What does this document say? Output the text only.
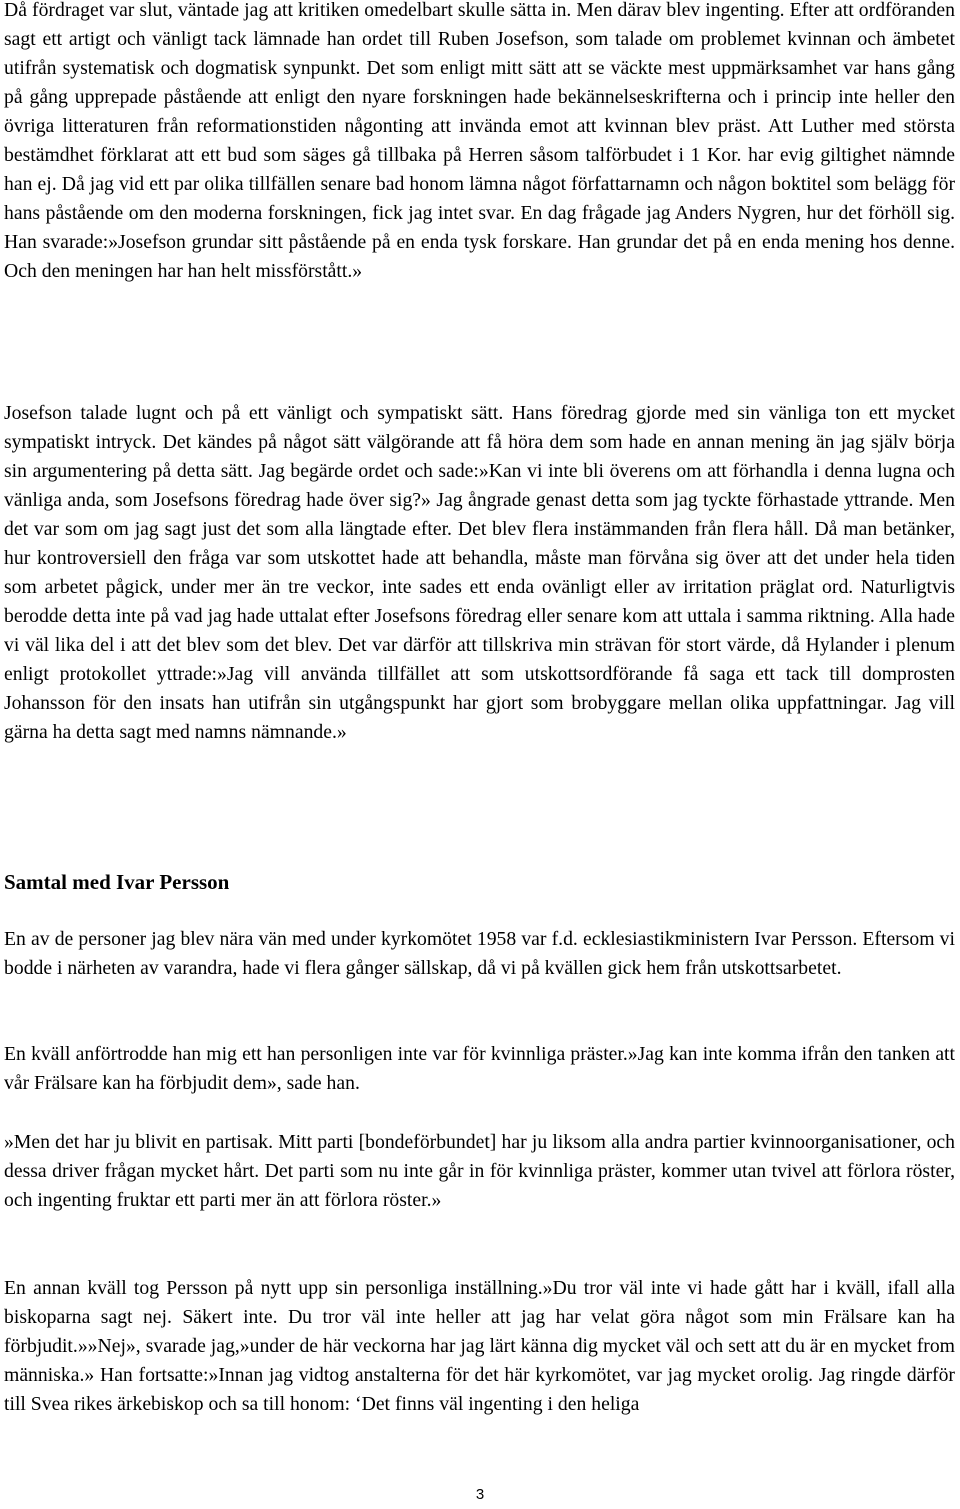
Då fördraget var slut, väntade jag att kritiken omedelbart skulle sätta in. Men därav blev ingenting. Efter att ordföranden sagt ett artigt och vänligt tack lämnade han ordet till Ruben Josefson, som talade om problemet kvinnan och ämbetet utifrån systematisk och dogmatisk synpunkt. Det som enligt mitt sätt att se väckte mest uppmärksamhet var hans gång på gång upprepade påstående att enligt den nyare forskningen hade bekännelseskrifterna och i princip inte heller den övriga litteraturen från reformationstiden någonting att invända emot att kvinnan blev präst. Att Luther med största bestämdhet förklarat att ett bud som säges gå tillbaka på Herren såsom talförbudet i 1 Kor. har evig giltighet nämnde han ej. Då jag vid ett par olika tillfällen senare bad honom lämna något författarnamn och någon boktitel som belägg för hans påstående om den moderna forskningen, fick jag intet svar. En dag frågade jag Anders Nygren, hur det förhöll sig. Han svarade:»Josefson grundar sitt påstående på en enda tysk forskare. Han grundar det på en enda mening hos denne. Och den meningen har han helt missförstått.»

Josefson talade lugnt och på ett vänligt och sympatiskt sätt. Hans föredrag gjorde med sin vänliga ton ett mycket sympatiskt intryck. Det kändes på något sätt välgörande att få höra dem som hade en annan mening än jag själv börja sin argumentering på detta sätt. Jag begärde ordet och sade:»Kan vi inte bli överens om att förhandla i denna lugna och vänliga anda, som Josefsons föredrag hade över sig?» Jag ångrade genast detta som jag tyckte förhastade yttrande. Men det var som om jag sagt just det som alla längtade efter. Det blev flera instämmanden från flera håll. Då man betänker, hur kontroversiell den fråga var som utskottet hade att behandla, måste man förvåna sig över att det under hela tiden som arbetet pågick, under mer än tre veckor, inte sades ett enda ovänligt eller av irritation präglat ord. Naturligtvis berodde detta inte på vad jag hade uttalat efter Josefsons föredrag eller senare kom att uttala i samma riktning. Alla hade vi väl lika del i att det blev som det blev. Det var därför att tillskriva min strävan för stort värde, då Hylander i plenum enligt protokollet yttrade:»Jag vill använda tillfället att som utskottsordförande få saga ett tack till domprosten Johansson för den insats han utifrån sin utgångspunkt har gjort som brobyggare mellan olika uppfattningar. Jag vill gärna ha detta sagt med namns nämnande.»

Samtal med Ivar Persson

En av de personer jag blev nära vän med under kyrkomötet 1958 var f.d. ecklesiastikministern Ivar Persson. Eftersom vi bodde i närheten av varandra, hade vi flera gånger sällskap, då vi på kvällen gick hem från utskottsarbetet.

En kväll anförtrodde han mig ett han personligen inte var för kvinnliga präster.»Jag kan inte komma ifrån den tanken att vår Frälsare kan ha förbjudit dem», sade han.

»Men det har ju blivit en partisak. Mitt parti [bondeförbundet] har ju liksom alla andra partier kvinnoorganisationer, och dessa driver frågan mycket hårt. Det parti som nu inte går in för kvinnliga präster, kommer utan tvivel att förlora röster, och ingenting fruktar ett parti mer än att förlora röster.»

En annan kväll tog Persson på nytt upp sin personliga inställning.»Du tror väl inte vi hade gått har i kväll, ifall alla biskoparna sagt nej. Säkert inte. Du tror väl inte heller att jag har velat göra något som min Frälsare kan ha förbjudit.»»Nej», svarade jag,»under de här veckorna har jag lärt känna dig mycket väl och sett att du är en mycket from människa.» Han fortsatte:»Innan jag vidtog anstalterna för det här kyrkomötet, var jag mycket orolig. Jag ringde därför till Svea rikes ärkebiskop och sa till honom: ‘Det finns väl ingenting i den heliga

3
